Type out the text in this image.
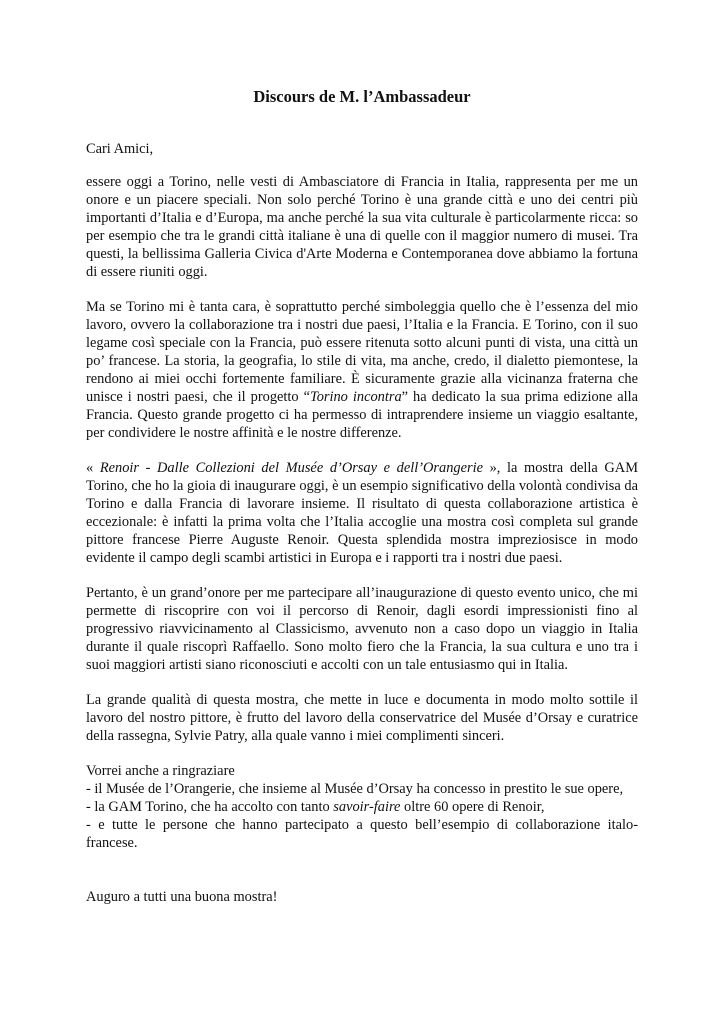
Discours de M. l’Ambassadeur

Cari Amici,

essere oggi a Torino, nelle vesti di Ambasciatore di Francia in Italia, rappresenta per me un onore e un piacere speciali. Non solo perché Torino è una grande città e uno dei centri più importanti d’Italia e d’Europa, ma anche perché la sua vita culturale è particolarmente ricca: so per esempio che tra le grandi città italiane è una di quelle con il maggior numero di musei. Tra questi, la bellissima Galleria Civica d'Arte Moderna e Contemporanea dove abbiamo la fortuna di essere riuniti oggi.

Ma se Torino mi è tanta cara, è soprattutto perché simboleggia quello che è l’essenza del mio lavoro, ovvero la collaborazione tra i nostri due paesi, l’Italia e la Francia. E Torino, con il suo legame così speciale con la Francia, può essere ritenuta sotto alcuni punti di vista, una città un po’ francese. La storia, la geografia, lo stile di vita, ma anche, credo, il dialetto piemontese, la rendono ai miei occhi fortemente familiare. È sicuramente grazie alla vicinanza fraterna che unisce i nostri paesi, che il progetto “Torino incontra” ha dedicato la sua prima edizione alla Francia. Questo grande progetto ci ha permesso di intraprendere insieme un viaggio esaltante, per condividere le nostre affinità e le nostre differenze.

« Renoir - Dalle Collezioni del Musée d’Orsay e dell’Orangerie », la mostra della GAM Torino, che ho la gioia di inaugurare oggi, è un esempio significativo della volontà condivisa da Torino e dalla Francia di lavorare insieme. Il risultato di questa collaborazione artistica è eccezionale: è infatti la prima volta che l’Italia accoglie una mostra così completa sul grande pittore francese Pierre Auguste Renoir. Questa splendida mostra impreziosisce in modo evidente il campo degli scambi artistici in Europa e i rapporti tra i nostri due paesi.

Pertanto, è un grand’onore per me partecipare all’inaugurazione di questo evento unico, che mi permette di riscoprire con voi il percorso di Renoir, dagli esordi impressionisti fino al progressivo riavvicinamento al Classicismo, avvenuto non a caso dopo un viaggio in Italia durante il quale riscoprì Raffaello. Sono molto fiero che la Francia, la sua cultura e uno tra i suoi maggiori artisti siano riconosciuti e accolti con un tale entusiasmo qui in Italia.

La grande qualità di questa mostra, che mette in luce e documenta in modo molto sottile il lavoro del nostro pittore, è frutto del lavoro della conservatrice del Musée d’Orsay e curatrice della rassegna, Sylvie Patry, alla quale vanno i miei complimenti sinceri.

Vorrei anche a ringraziare

- il Musée de l’Orangerie, che insieme al Musée d’Orsay ha concesso in prestito le sue opere,

- la GAM Torino, che ha accolto con tanto savoir-faire oltre 60 opere di Renoir,

- e tutte le persone che hanno partecipato a questo bell’esempio di collaborazione italo-francese.

Auguro a tutti una buona mostra!
